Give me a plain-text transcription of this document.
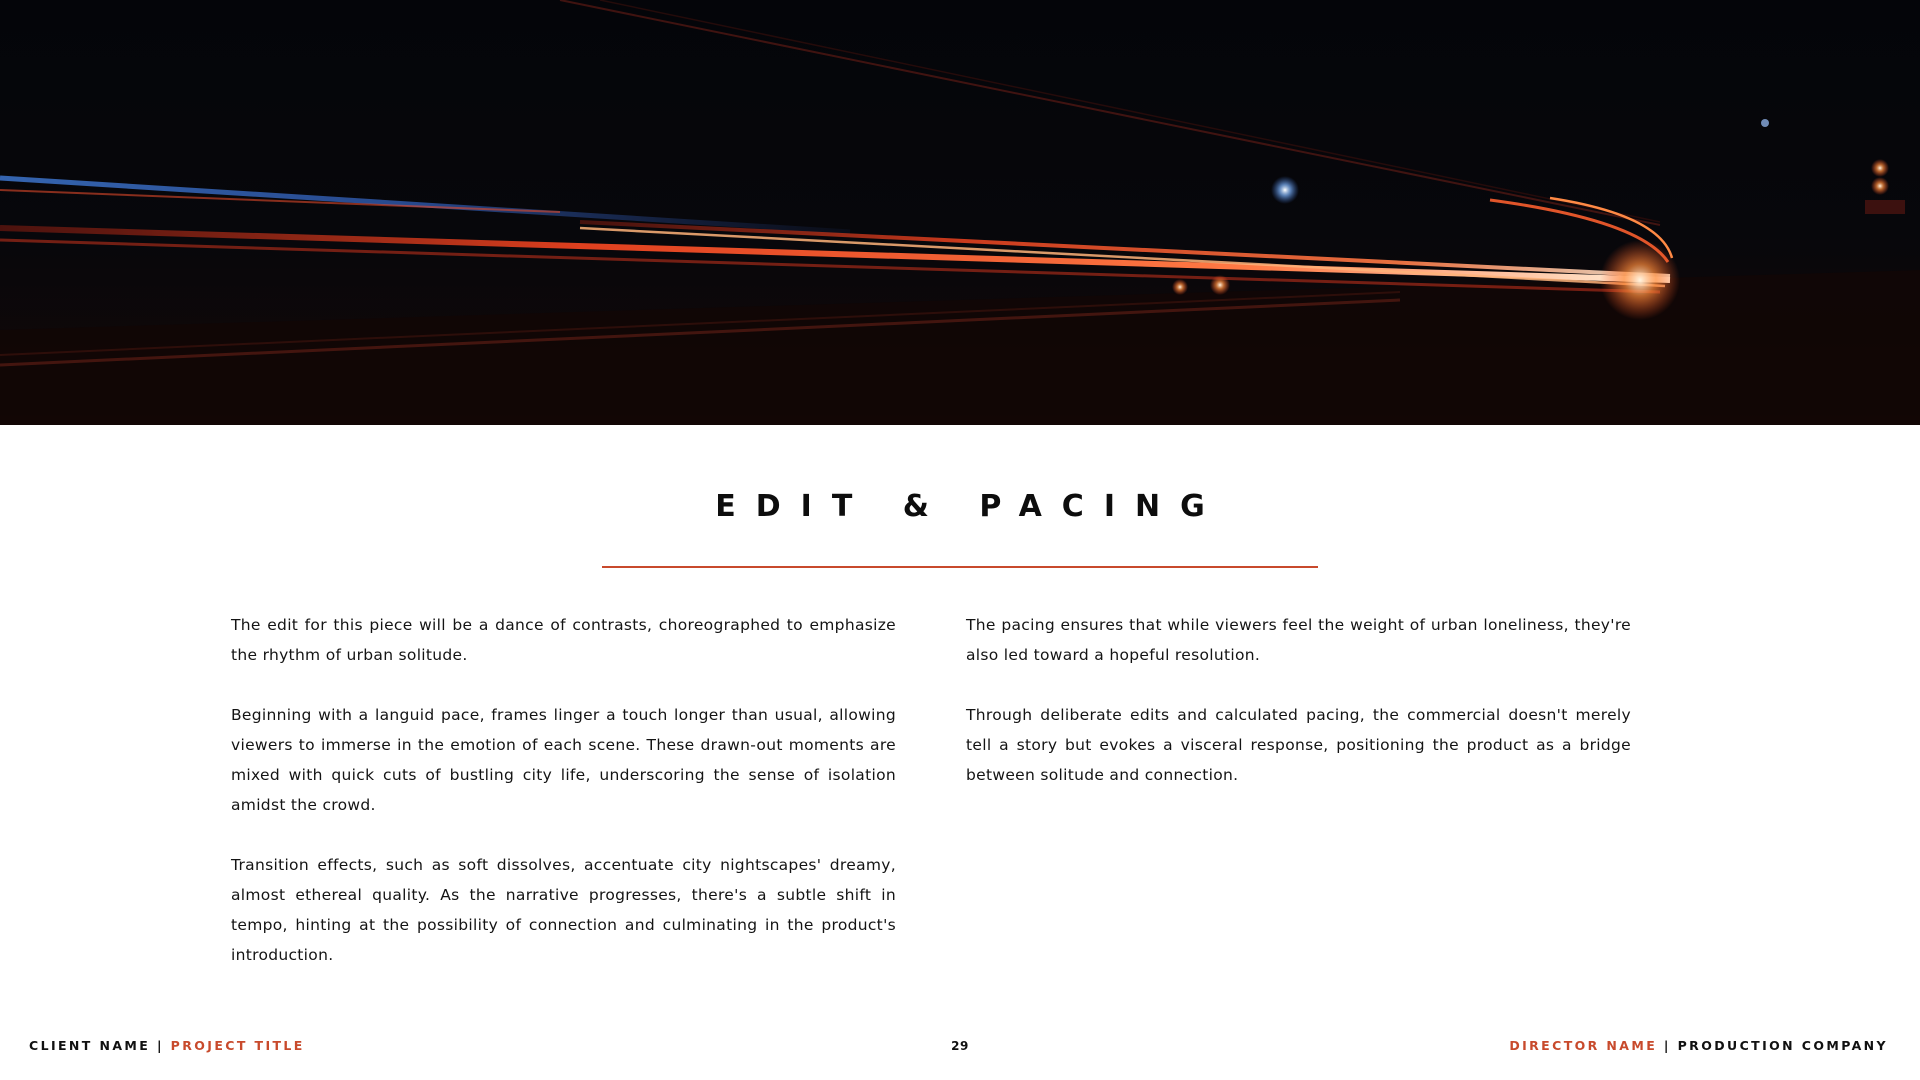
EDIT & PACING

The edit for this piece will be a dance of contrasts, choreographed to emphasize the rhythm of urban solitude.

Beginning with a languid pace, frames linger a touch longer than usual, allowing viewers to immerse in the emotion of each scene. These drawn-out moments are mixed with quick cuts of bustling city life, underscoring the sense of isolation amidst the crowd.

Transition effects, such as soft dissolves, accentuate city nightscapes' dreamy, almost ethereal quality. As the narrative progresses, there's a subtle shift in tempo, hinting at the possibility of connection and culminating in the product's introduction.

The pacing ensures that while viewers feel the weight of urban loneliness, they're also led toward a hopeful resolution.

Through deliberate edits and calculated pacing, the commercial doesn't merely tell a story but evokes a visceral response, positioning the product as a bridge between solitude and connection.

CLIENT NAME | PROJECT TITLE	29	DIRECTOR NAME | PRODUCTION COMPANY
